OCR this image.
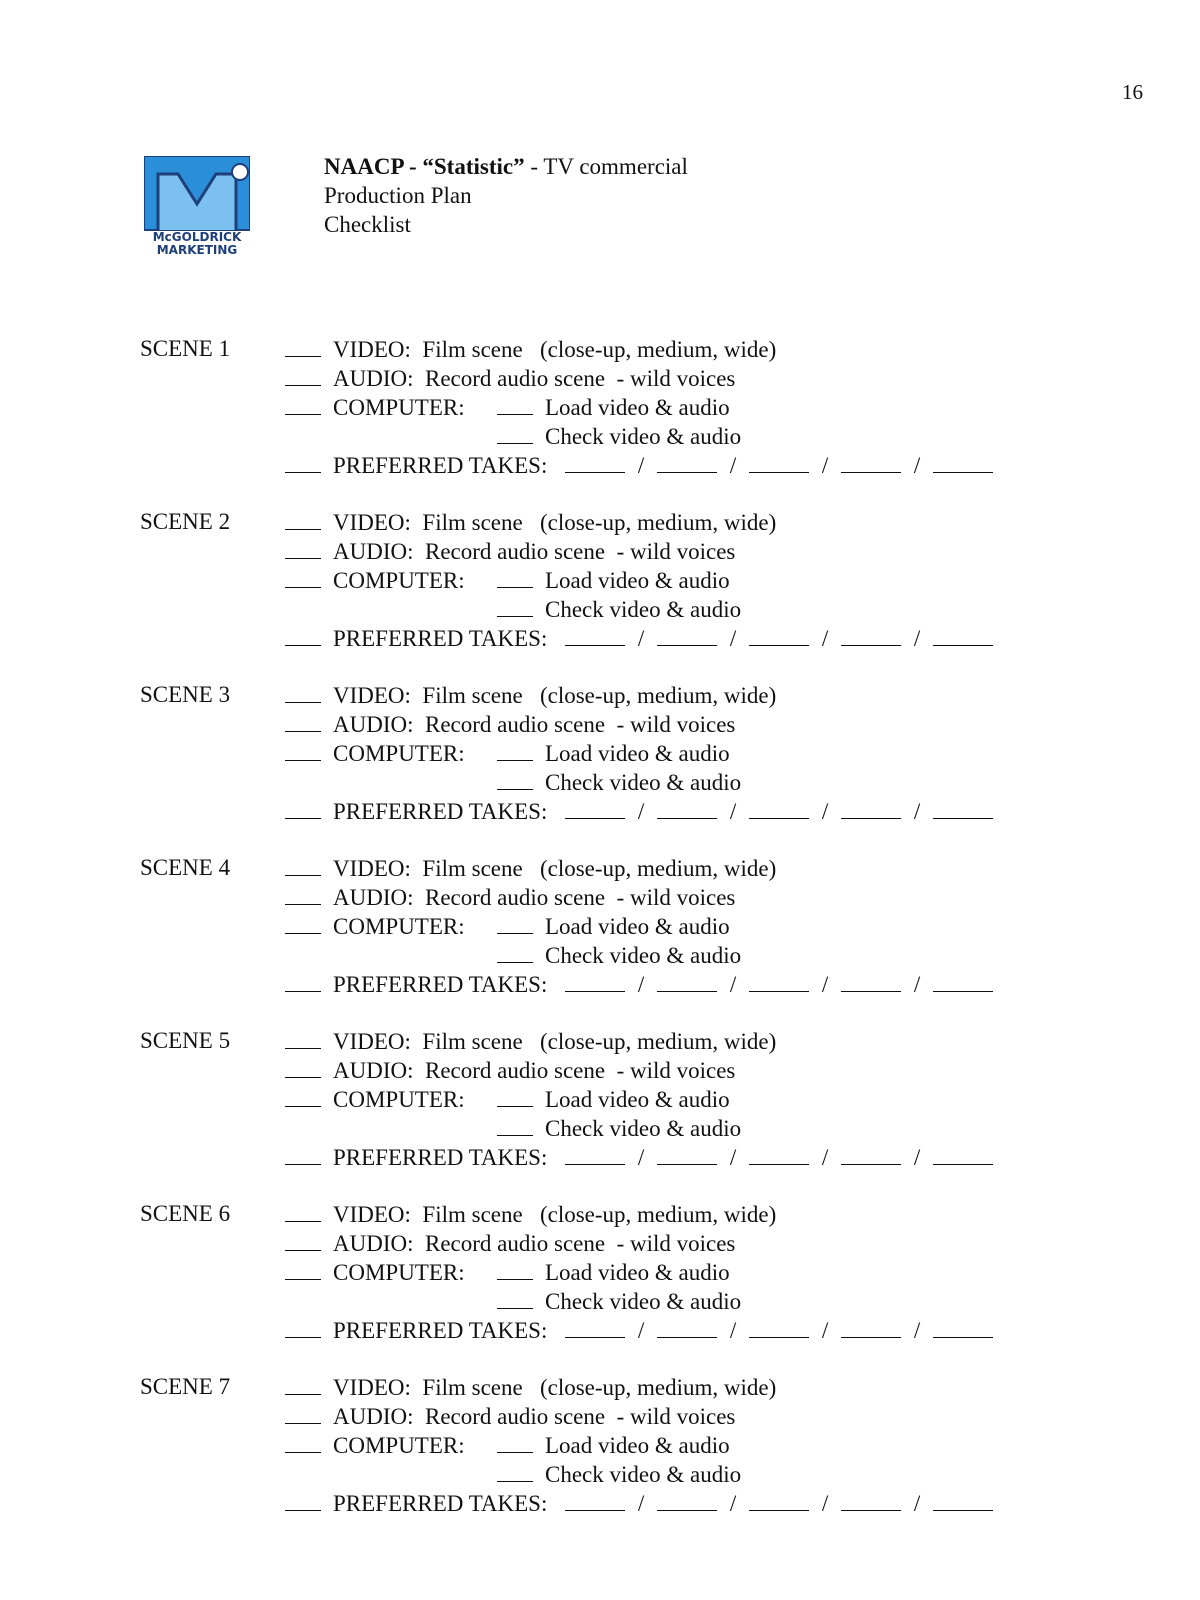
16
McGOLDRICK
MARKETING
NAACP - “Statistic” - TV commercial
Production Plan
Checklist
SCENE 1	VIDEO:  Film scene   (close-up, medium, wide)
AUDIO:  Record audio scene  - wild voices
COMPUTER:	Load video & audio
Check video & audio
PREFERRED TAKES:	/	/	/	/
SCENE 2	VIDEO:  Film scene   (close-up, medium, wide)
AUDIO:  Record audio scene  - wild voices
COMPUTER:	Load video & audio
Check video & audio
PREFERRED TAKES:	/	/	/	/
SCENE 3	VIDEO:  Film scene   (close-up, medium, wide)
AUDIO:  Record audio scene  - wild voices
COMPUTER:	Load video & audio
Check video & audio
PREFERRED TAKES:	/	/	/	/
SCENE 4	VIDEO:  Film scene   (close-up, medium, wide)
AUDIO:  Record audio scene  - wild voices
COMPUTER:	Load video & audio
Check video & audio
PREFERRED TAKES:	/	/	/	/
SCENE 5	VIDEO:  Film scene   (close-up, medium, wide)
AUDIO:  Record audio scene  - wild voices
COMPUTER:	Load video & audio
Check video & audio
PREFERRED TAKES:	/	/	/	/
SCENE 6	VIDEO:  Film scene   (close-up, medium, wide)
AUDIO:  Record audio scene  - wild voices
COMPUTER:	Load video & audio
Check video & audio
PREFERRED TAKES:	/	/	/	/
SCENE 7	VIDEO:  Film scene   (close-up, medium, wide)
AUDIO:  Record audio scene  - wild voices
COMPUTER:	Load video & audio
Check video & audio
PREFERRED TAKES:	/	/	/	/
